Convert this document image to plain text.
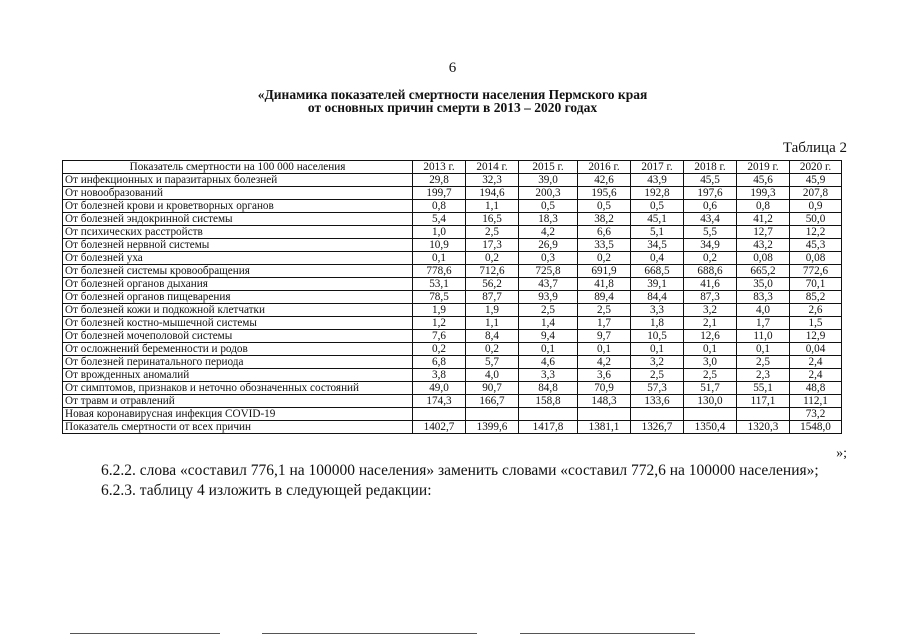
6
«Динамика показателей смертности населения Пермского края
от основных причин смерти в 2013 – 2020 годах
Таблица 2
Показатель смертности на 100 000 населения	2013 г.	2014 г.	2015 г.	2016 г.	2017 г.	2018 г.	2019 г.	2020 г.
От инфекционных и паразитарных болезней	29,8	32,3	39,0	42,6	43,9	45,5	45,6	45,9
От новообразований	199,7	194,6	200,3	195,6	192,8	197,6	199,3	207,8
От болезней крови и кроветворных органов	0,8	1,1	0,5	0,5	0,5	0,6	0,8	0,9
От болезней эндокринной системы	5,4	16,5	18,3	38,2	45,1	43,4	41,2	50,0
От психических расстройств	1,0	2,5	4,2	6,6	5,1	5,5	12,7	12,2
От болезней нервной системы	10,9	17,3	26,9	33,5	34,5	34,9	43,2	45,3
От болезней уха	0,1	0,2	0,3	0,2	0,4	0,2	0,08	0,08
От болезней системы кровообращения	778,6	712,6	725,8	691,9	668,5	688,6	665,2	772,6
От болезней органов дыхания	53,1	56,2	43,7	41,8	39,1	41,6	35,0	70,1
От болезней органов пищеварения	78,5	87,7	93,9	89,4	84,4	87,3	83,3	85,2
От болезней кожи и подкожной клетчатки	1,9	1,9	2,5	2,5	3,3	3,2	4,0	2,6
От болезней костно-мышечной системы	1,2	1,1	1,4	1,7	1,8	2,1	1,7	1,5
От болезней мочеполовой системы	7,6	8,4	9,4	9,7	10,5	12,6	11,0	12,9
От осложнений беременности и родов	0,2	0,2	0,1	0,1	0,1	0,1	0,1	0,04
От болезней перинатального периода	6,8	5,7	4,6	4,2	3,2	3,0	2,5	2,4
От врожденных аномалий	3,8	4,0	3,3	3,6	2,5	2,5	2,3	2,4
От симптомов, признаков и неточно обозначенных состояний	49,0	90,7	84,8	70,9	57,3	51,7	55,1	48,8
От травм и отравлений	174,3	166,7	158,8	148,3	133,6	130,0	117,1	112,1
Новая коронавирусная инфекция COVID-19								73,2
Показатель смертности от всех причин	1402,7	1399,6	1417,8	1381,1	1326,7	1350,4	1320,3	1548,0
»;
6.2.2. слова «составил 776,1 на 100000 населения» заменить словами «составил 772,6 на 100000 населения»;
6.2.3. таблицу 4 изложить в следующей редакции:
